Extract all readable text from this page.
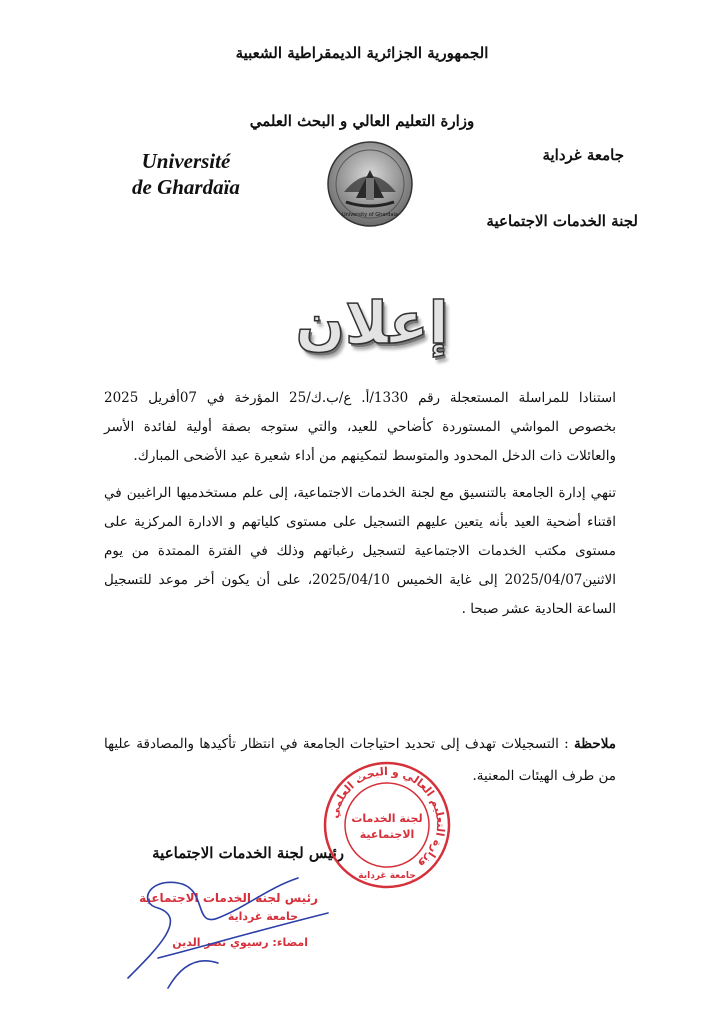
الجمهورية الجزائرية الديمقراطية الشعبية
وزارة التعليم العالي و البحث العلمي
جامعة غرداية
لجنة الخدمات الاجتماعية
Université
de Ghardaïa
University of Ghardaia
إعلان

استنادا للمراسلة المستعجلة رقم 1330/أ. ع/ب.ك/25 المؤرخة في 07أفريل 2025 بخصوص المواشي المستوردة كأضاحي للعيد، والتي ستوجه بصفة أولية لفائدة الأسر والعائلات ذات الدخل المحدود والمتوسط لتمكينهم من أداء شعيرة عيد الأضحى المبارك.

تنهي إدارة الجامعة بالتنسيق مع لجنة الخدمات الاجتماعية، إلى علم مستخدميها الراغبين في اقتناء أضحية العيد بأنه يتعين عليهم التسجيل على مستوى كلياتهم و الادارة المركزية على مستوى مكتب الخدمات الاجتماعية لتسجيل رغباتهم وذلك في الفترة الممتدة من يوم الاثنين2025/04/07 إلى غاية الخميس 2025/04/10، على أن يكون أخر موعد للتسجيل الساعة الحادية عشر صبحا .

ملاحظة : التسجيلات تهدف إلى تحديد احتياجات الجامعة في انتظار تأكيدها والمصادقة عليها من طرف الهيئات المعنية.
رئيس لجنة الخدمات الاجتماعية
وزارة التعليم العالي و البحث العلمي
لجنة الخدمات
الاجتماعية
جامعة غرداية
رئيس لجنة الخدمات الاجتماعية
جامعة غرداية
امضاء: رسيوي نصر الدين
